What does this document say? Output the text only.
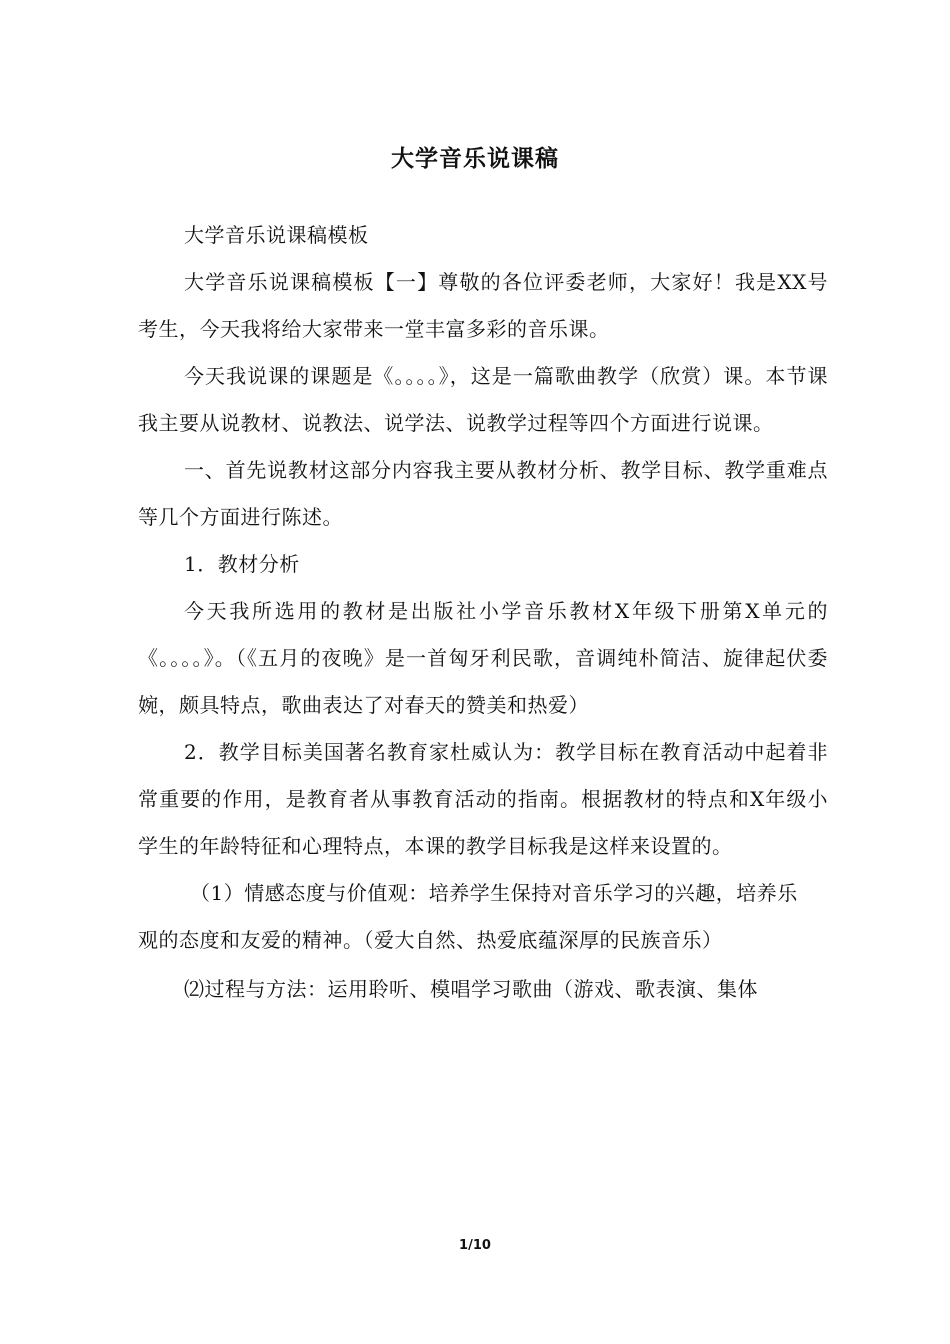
大学音乐说课稿

大学音乐说课稿模板

大学音乐说课稿模板【一】尊敬的各位评委老师，大家好！我是XX号考生，今天我将给大家带来一堂丰富多彩的音乐课。

今天我说课的课题是《。。。。》，这是一篇歌曲教学（欣赏）课。本节课我主要从说教材、说教法、说学法、说教学过程等四个方面进行说课。

一、首先说教材这部分内容我主要从教材分析、教学目标、教学重难点等几个方面进行陈述。

1．教材分析

今天我所选用的教材是出版社小学音乐教材X年级下册第X单元的《。。。。》。（《五月的夜晚》是一首匈牙利民歌，音调纯朴简洁、旋律起伏委婉，颇具特点，歌曲表达了对春天的赞美和热爱）

2．教学目标美国著名教育家杜威认为：教学目标在教育活动中起着非常重要的作用，是教育者从事教育活动的指南。根据教材的特点和X年级小学生的年龄特征和心理特点，本课的教学目标我是这样来设置的。

（1）情感态度与价值观：培养学生保持对音乐学习的兴趣，培养乐

观的态度和友爱的精神。（爱大自然、热爱底蕴深厚的民族音乐）

⑵过程与方法：运用聆听、模唱学习歌曲（游戏、歌表演、集体

1/10
